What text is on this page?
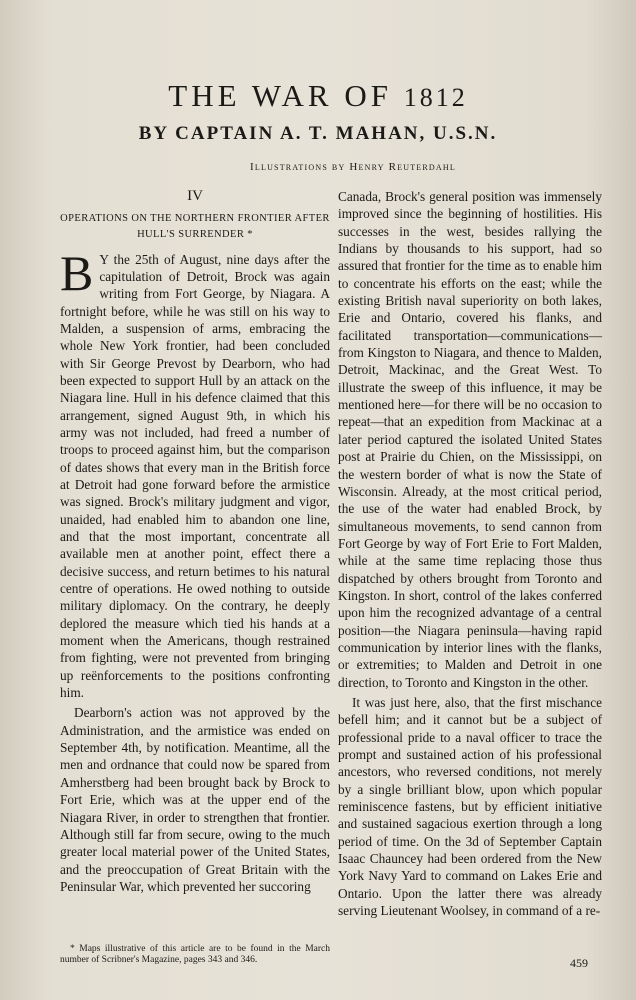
THE WAR OF 1812
BY CAPTAIN A. T. MAHAN, U.S.N.

Illustrations by Henry Reuterdahl

IV
OPERATIONS ON THE NORTHERN FRONTIER AFTER HULL'S SURRENDER *

B Y the 25th of August, nine days after the capitulation of Detroit, Brock was again writing from Fort George, by Niagara. A fortnight before, while he was still on his way to Malden, a suspension of arms, embracing the whole New York frontier, had been concluded with Sir George Prevost by Dearborn, who had been expected to support Hull by an attack on the Niagara line. Hull in his defence claimed that this arrangement, signed August 9th, in which his army was not included, had freed a number of troops to proceed against him, but the comparison of dates shows that every man in the British force at Detroit had gone forward before the armistice was signed. Brock's military judgment and vigor, unaided, had enabled him to abandon one line, and that the most important, concentrate all available men at another point, effect there a decisive success, and return betimes to his natural centre of operations. He owed nothing to outside military diplomacy. On the contrary, he deeply deplored the measure which tied his hands at a moment when the Americans, though restrained from fighting, were not prevented from bringing up reënforcements to the positions confronting him.

Dearborn's action was not approved by the Administration, and the armistice was ended on September 4th, by notification. Meantime, all the men and ordnance that could now be spared from Amherstberg had been brought back by Brock to Fort Erie, which was at the upper end of the Niagara River, in order to strengthen that frontier. Although still far from secure, owing to the much greater local material power of the United States, and the preoccupation of Great Britain with the Peninsular War, which prevented her succoring

Canada, Brock's general position was immensely improved since the beginning of hostilities. His successes in the west, besides rallying the Indians by thousands to his support, had so assured that frontier for the time as to enable him to concentrate his efforts on the east; while the existing British naval superiority on both lakes, Erie and Ontario, covered his flanks, and facilitated transportation—communications—from Kingston to Niagara, and thence to Malden, Detroit, Mackinac, and the Great West. To illustrate the sweep of this influence, it may be mentioned here—for there will be no occasion to repeat—that an expedition from Mackinac at a later period captured the isolated United States post at Prairie du Chien, on the Mississippi, on the western border of what is now the State of Wisconsin. Already, at the most critical period, the use of the water had enabled Brock, by simultaneous movements, to send cannon from Fort George by way of Fort Erie to Fort Malden, while at the same time replacing those thus dispatched by others brought from Toronto and Kingston. In short, control of the lakes conferred upon him the recognized advantage of a central position—the Niagara peninsula—having rapid communication by interior lines with the flanks, or extremities; to Malden and Detroit in one direction, to Toronto and Kingston in the other.

It was just here, also, that the first mischance befell him; and it cannot but be a subject of professional pride to a naval officer to trace the prompt and sustained action of his professional ancestors, who reversed conditions, not merely by a single brilliant blow, upon which popular reminiscence fastens, but by efficient initiative and sustained sagacious exertion through a long period of time. On the 3d of September Captain Isaac Chauncey had been ordered from the New York Navy Yard to command on Lakes Erie and Ontario. Upon the latter there was already serving Lieutenant Woolsey, in command of a re-

* Maps illustrative of this article are to be found in the March number of Scribner's Magazine, pages 343 and 346.	459
